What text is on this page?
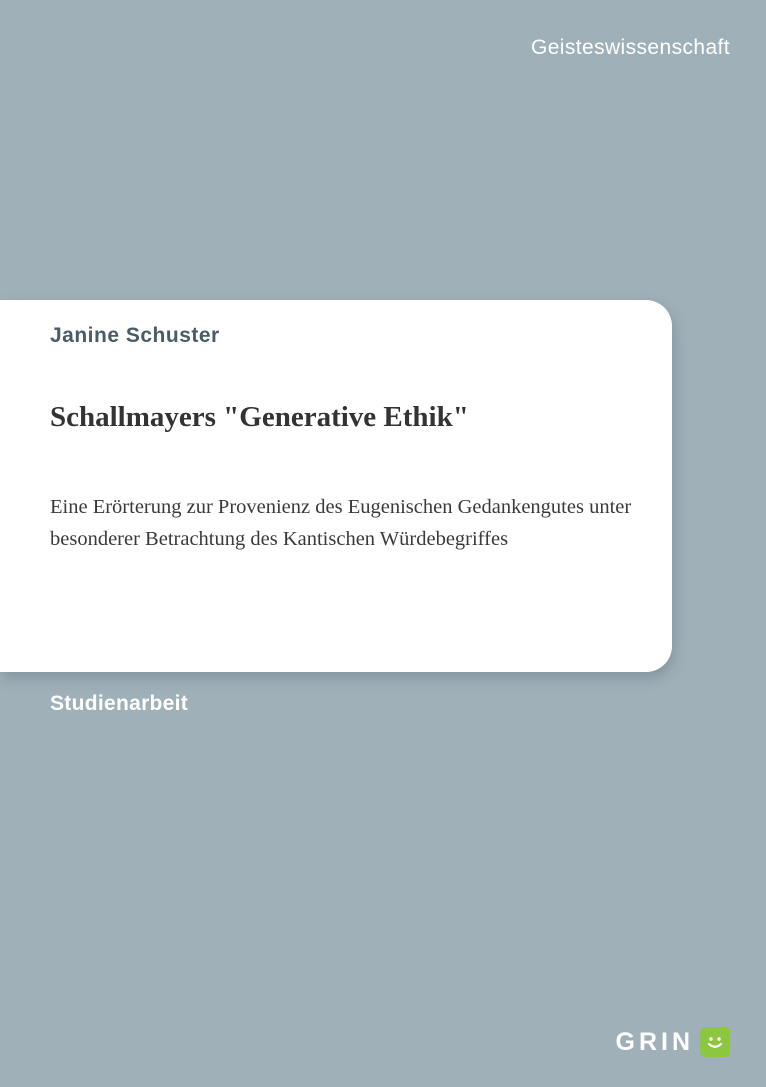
Geisteswissenschaft
Janine Schuster
Schallmayers "Generative Ethik"
Eine Erörterung zur Provenienz des Eugenischen Gedankengutes unter besonderer Betrachtung des Kantischen Würdebegriffes
Studienarbeit
GRIN
